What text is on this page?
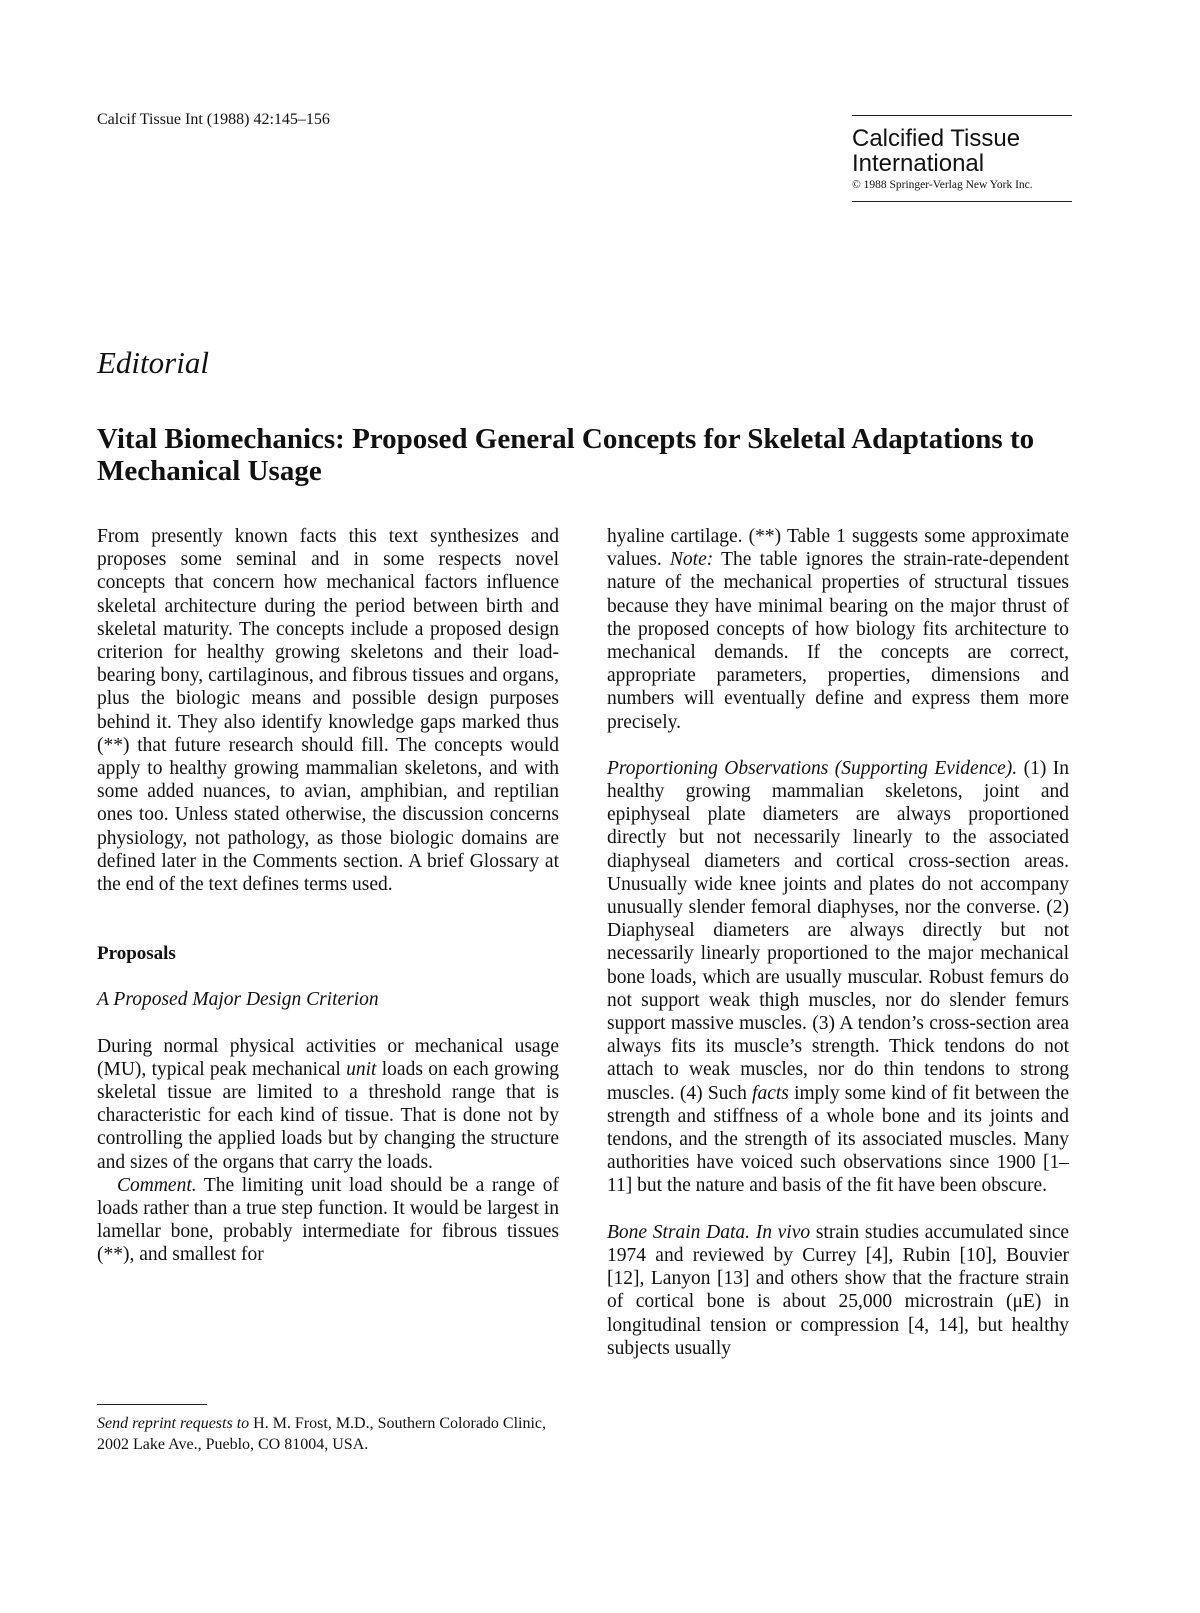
Calcif Tissue Int (1988) 42:145–156

Calcified Tissue

International

© 1988 Springer-Verlag New York Inc.
Editorial
Vital Biomechanics: Proposed General Concepts for Skeletal Adaptations to Mechanical Usage

From presently known facts this text synthesizes and proposes some seminal and in some respects novel concepts that concern how mechanical factors influence skeletal architecture during the period between birth and skeletal maturity. The concepts include a proposed design criterion for healthy growing skeletons and their load-bearing bony, cartilaginous, and fibrous tissues and organs, plus the biologic means and possible design purposes behind it. They also identify knowledge gaps marked thus (**) that future research should fill. The concepts would apply to healthy growing mammalian skeletons, and with some added nuances, to avian, amphibian, and reptilian ones too. Unless stated otherwise, the discussion concerns physiology, not pathology, as those biologic domains are defined later in the Comments section. A brief Glossary at the end of the text defines terms used.

Proposals

A Proposed Major Design Criterion

During normal physical activities or mechanical usage (MU), typical peak mechanical unit loads on each growing skeletal tissue are limited to a threshold range that is characteristic for each kind of tissue. That is done not by controlling the applied loads but by changing the structure and sizes of the organs that carry the loads.

Comment. The limiting unit load should be a range of loads rather than a true step function. It would be largest in lamellar bone, probably intermediate for fibrous tissues (**), and smallest for

hyaline cartilage. (**) Table 1 suggests some approximate values. Note: The table ignores the strain-rate-dependent nature of the mechanical properties of structural tissues because they have minimal bearing on the major thrust of the proposed concepts of how biology fits architecture to mechanical demands. If the concepts are correct, appropriate parameters, properties, dimensions and numbers will eventually define and express them more precisely.

Proportioning Observations (Supporting Evidence). (1) In healthy growing mammalian skeletons, joint and epiphyseal plate diameters are always proportioned directly but not necessarily linearly to the associated diaphyseal diameters and cortical cross-section areas. Unusually wide knee joints and plates do not accompany unusually slender femoral diaphyses, nor the converse. (2) Diaphyseal diameters are always directly but not necessarily linearly proportioned to the major mechanical bone loads, which are usually muscular. Robust femurs do not support weak thigh muscles, nor do slender femurs support massive muscles. (3) A tendon’s cross-section area always fits its muscle’s strength. Thick tendons do not attach to weak muscles, nor do thin tendons to strong muscles. (4) Such facts imply some kind of fit between the strength and stiffness of a whole bone and its joints and tendons, and the strength of its associated muscles. Many authorities have voiced such observations since 1900 [1–11] but the nature and basis of the fit have been obscure.

Bone Strain Data. In vivo strain studies accumulated since 1974 and reviewed by Currey [4], Rubin [10], Bouvier [12], Lanyon [13] and others show that the fracture strain of cortical bone is about 25,000 microstrain (μE) in longitudinal tension or compression [4, 14], but healthy subjects usually

Send reprint requests to H. M. Frost, M.D., Southern Colorado Clinic, 2002 Lake Ave., Pueblo, CO 81004, USA.
